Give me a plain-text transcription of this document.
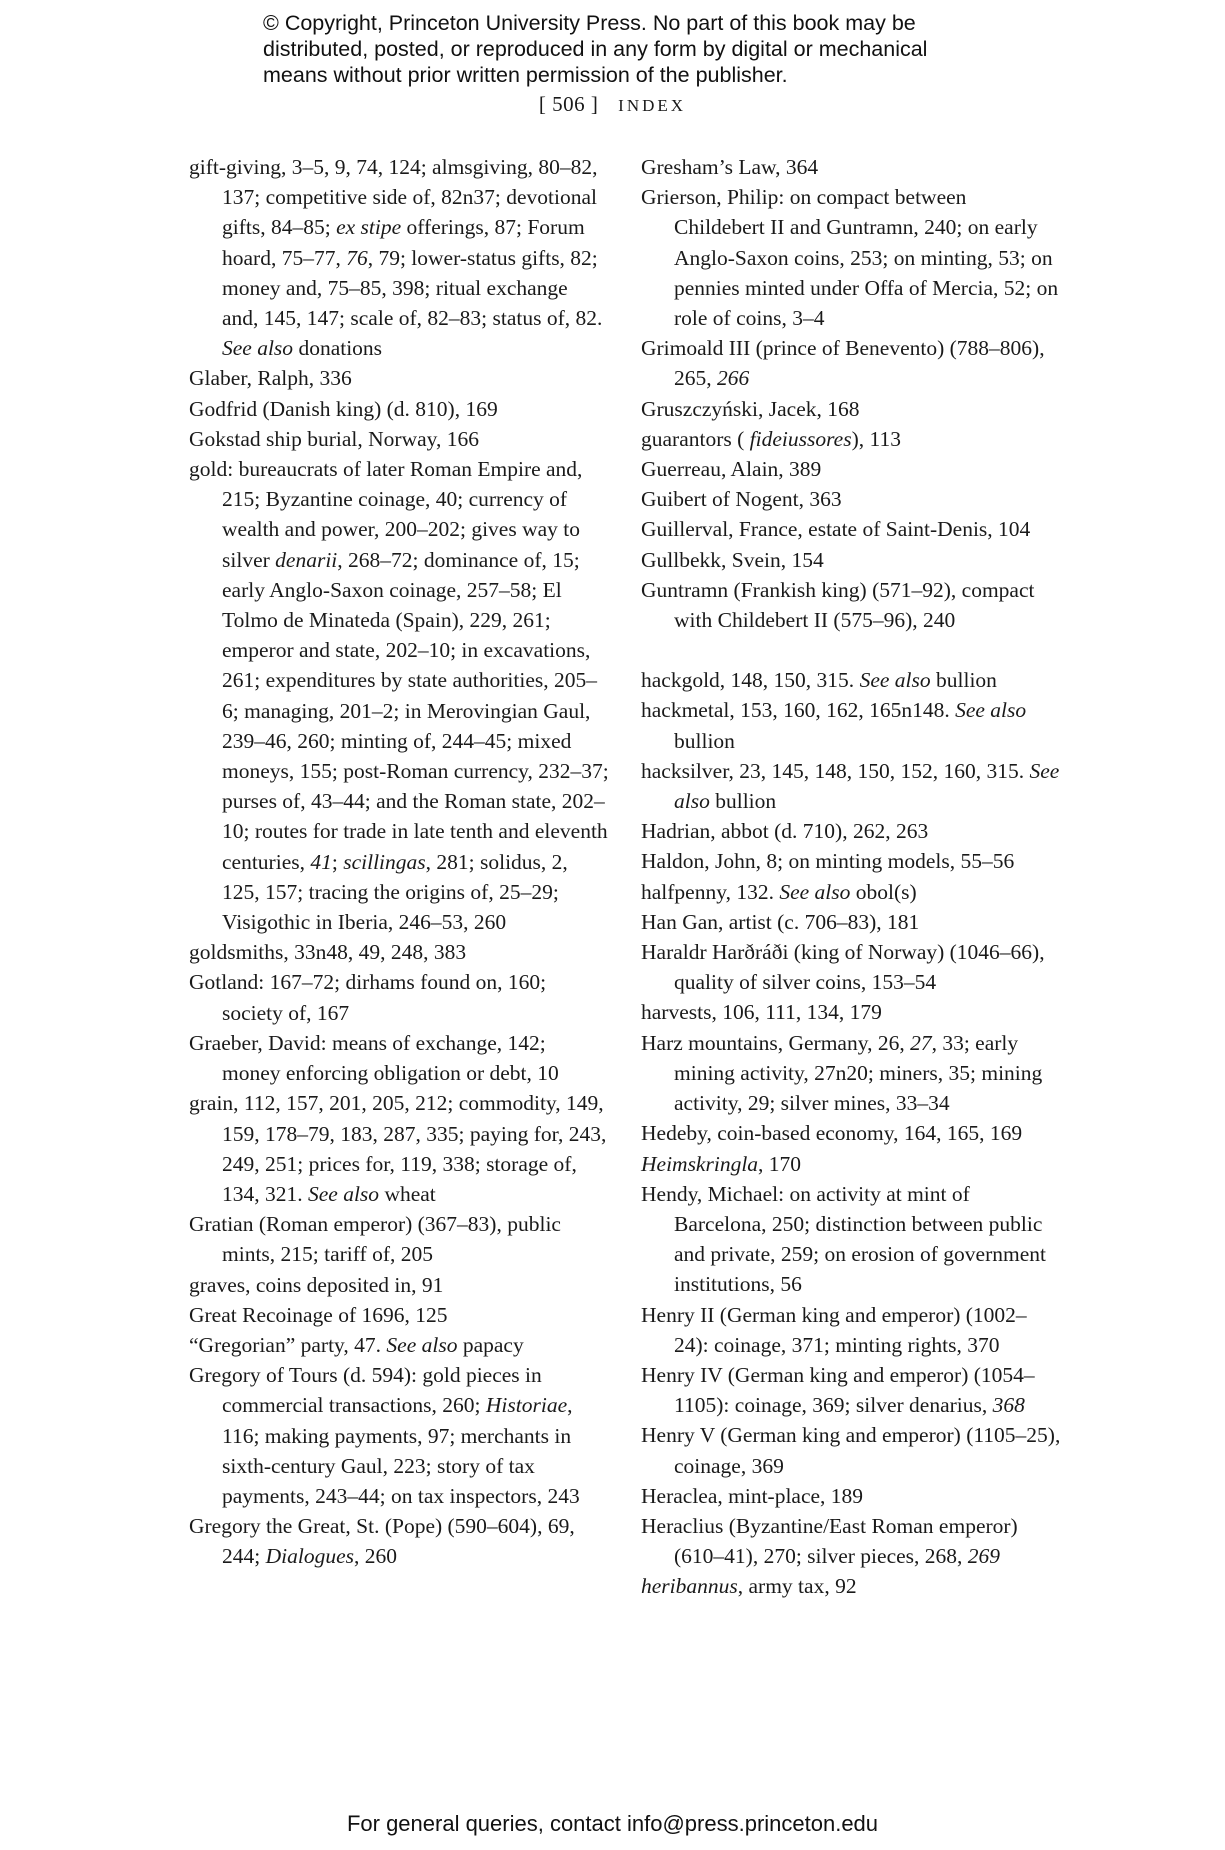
© Copyright, Princeton University Press. No part of this book may be
distributed, posted, or reproduced in any form by digital or mechanical
means without prior written permission of the publisher.
[ 506 ] INDEX
gift-giving, 3–5, 9, 74, 124; almsgiving, 80–82, 137; competitive side of, 82n37; devotional gifts, 84–85; ex stipe offerings, 87; Forum hoard, 75–77, 76, 79; lower-status gifts, 82; money and, 75–85, 398; ritual exchange and, 145, 147; scale of, 82–83; status of, 82. See also donations
Glaber, Ralph, 336
Godfrid (Danish king) (d. 810), 169
Gokstad ship burial, Norway, 166
gold: bureaucrats of later Roman Empire and, 215; Byzantine coinage, 40; currency of wealth and power, 200–202; gives way to silver denarii, 268–72; dominance of, 15; early Anglo-Saxon coinage, 257–58; El Tolmo de Minateda (Spain), 229, 261; emperor and state, 202–10; in excavations, 261; expenditures by state authorities, 205–6; managing, 201–2; in Merovingian Gaul, 239–46, 260; minting of, 244–45; mixed moneys, 155; post-Roman currency, 232–37; purses of, 43–44; and the Roman state, 202–10; routes for trade in late tenth and eleventh centuries, 41; scillingas, 281; solidus, 2, 125, 157; tracing the origins of, 25–29; Visigothic in Iberia, 246–53, 260
goldsmiths, 33n48, 49, 248, 383
Gotland: 167–72; dirhams found on, 160; society of, 167
Graeber, David: means of exchange, 142; money enforcing obligation or debt, 10
grain, 112, 157, 201, 205, 212; commodity, 149, 159, 178–79, 183, 287, 335; paying for, 243, 249, 251; prices for, 119, 338; storage of, 134, 321. See also wheat
Gratian (Roman emperor) (367–83), public mints, 215; tariff of, 205
graves, coins deposited in, 91
Great Recoinage of 1696, 125
“Gregorian” party, 47. See also papacy
Gregory of Tours (d. 594): gold pieces in commercial transactions, 260; Historiae, 116; making payments, 97; merchants in sixth-century Gaul, 223; story of tax payments, 243–44; on tax inspectors, 243
Gregory the Great, St. (Pope) (590–604), 69, 244; Dialogues, 260
Gresham’s Law, 364
Grierson, Philip: on compact between Childebert II and Guntramn, 240; on early Anglo-Saxon coins, 253; on minting, 53; on pennies minted under Offa of Mercia, 52; on role of coins, 3–4
Grimoald III (prince of Benevento) (788–806), 265, 266
Gruszczyński, Jacek, 168
guarantors ( fideiussores), 113
Guerreau, Alain, 389
Guibert of Nogent, 363
Guillerval, France, estate of Saint-Denis, 104
Gullbekk, Svein, 154
Guntramn (Frankish king) (571–92), compact with Childebert II (575–96), 240
hackgold, 148, 150, 315. See also bullion
hackmetal, 153, 160, 162, 165n148. See also bullion
hacksilver, 23, 145, 148, 150, 152, 160, 315. See also bullion
Hadrian, abbot (d. 710), 262, 263
Haldon, John, 8; on minting models, 55–56
halfpenny, 132. See also obol(s)
Han Gan, artist (c. 706–83), 181
Haraldr Harðráði (king of Norway) (1046–66), quality of silver coins, 153–54
harvests, 106, 111, 134, 179
Harz mountains, Germany, 26, 27, 33; early mining activity, 27n20; miners, 35; mining activity, 29; silver mines, 33–34
Hedeby, coin-based economy, 164, 165, 169
Heimskringla, 170
Hendy, Michael: on activity at mint of Barcelona, 250; distinction between public and private, 259; on erosion of government institutions, 56
Henry II (German king and emperor) (1002–24): coinage, 371; minting rights, 370
Henry IV (German king and emperor) (1054–1105): coinage, 369; silver denarius, 368
Henry V (German king and emperor) (1105–25), coinage, 369
Heraclea, mint-place, 189
Heraclius (Byzantine/East Roman emperor) (610–41), 270; silver pieces, 268, 269
heribannus, army tax, 92
For general queries, contact info@press.princeton.edu
